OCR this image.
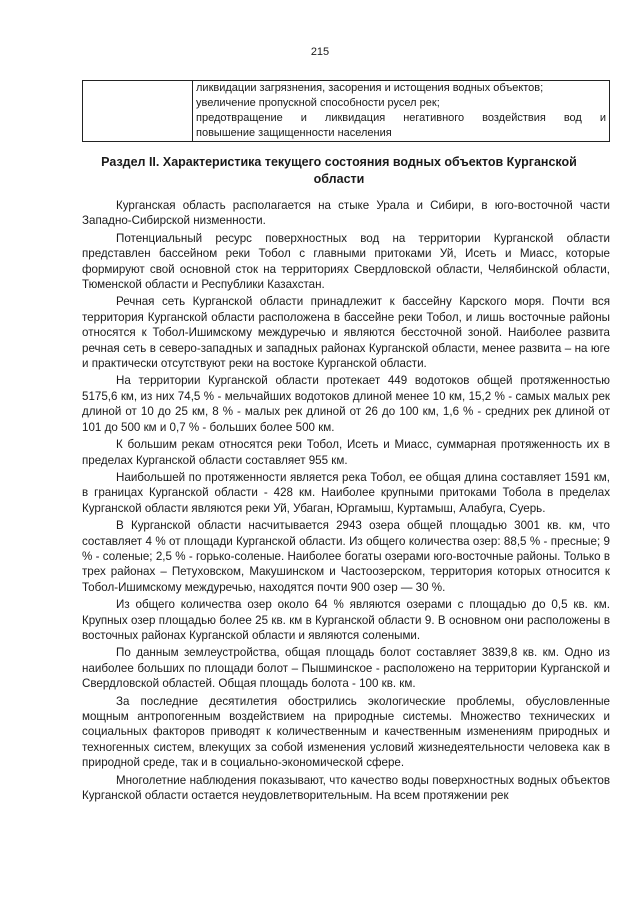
215

ликвидации загрязнения, засорения и истощения водных объектов;
увеличение пропускной способности русел рек;
предотвращение и ликвидация негативного воздействия вод и
повышение защищенности населения
Раздел II. Характеристика текущего состояния водных объектов Курганской области

Курганская область располагается на стыке Урала и Сибири, в юго-восточной части Западно-Сибирской низменности.

Потенциальный ресурс поверхностных вод на территории Курганской области представлен бассейном реки Тобол с главными притоками Уй, Исеть и Миасс, которые формируют свой основной сток на территориях Свердловской области, Челябинской области, Тюменской области и Республики Казахстан.

Речная сеть Курганской области принадлежит к бассейну Карского моря. Почти вся территория Курганской области расположена в бассейне реки Тобол, и лишь восточные районы относятся к Тобол-Ишимскому междуречью и являются бессточной зоной. Наиболее развита речная сеть в северо-западных и западных районах Курганской области, менее развита – на юге и практически отсутствуют реки на востоке Курганской области.

На территории Курганской области протекает 449 водотоков общей протяженностью 5175,6 км, из них 74,5 % - мельчайших водотоков длиной менее 10 км, 15,2 % - самых малых рек длиной от 10 до 25 км, 8 % - малых рек длиной от 26 до 100 км, 1,6 % - средних рек длиной от 101 до 500 км и 0,7 % - больших более 500 км.

К большим рекам относятся реки Тобол, Исеть и Миасс, суммарная протяженность их в пределах Курганской области составляет 955 км.

Наибольшей по протяженности является река Тобол, ее общая длина составляет 1591 км, в границах Курганской области - 428 км. Наиболее крупными притоками Тобола в пределах Курганской области являются реки Уй, Убаган, Юргамыш, Куртамыш, Алабуга, Суерь.

В Курганской области насчитывается 2943 озера общей площадью 3001 кв. км, что составляет 4 % от площади Курганской области. Из общего количества озер: 88,5 % - пресные; 9 % - соленые; 2,5 % - горько-соленые. Наиболее богаты озерами юго-восточные районы. Только в трех районах – Петуховском, Макушинском и Частоозерском, территория которых относится к Тобол-Ишимскому междуречью, находятся почти 900 озер — 30 %.

Из общего количества озер около 64 % являются озерами с площадью до 0,5 кв. км. Крупных озер площадью более 25 кв. км в Курганской области 9. В основном они расположены в восточных районах Курганской области и являются солеными.

По данным землеустройства, общая площадь болот составляет 3839,8 кв. км. Одно из наиболее больших по площади болот – Пышминское - расположено на территории Курганской и Свердловской областей. Общая площадь болота - 100 кв. км.

За последние десятилетия обострились экологические проблемы, обусловленные мощным антропогенным воздействием на природные системы. Множество технических и социальных факторов приводят к количественным и качественным изменениям природных и техногенных систем, влекущих за собой изменения условий жизнедеятельности человека как в природной среде, так и в социально-экономической сфере.

Многолетние наблюдения показывают, что качество воды поверхностных водных объектов Курганской области остается неудовлетворительным. На всем протяжении рек
